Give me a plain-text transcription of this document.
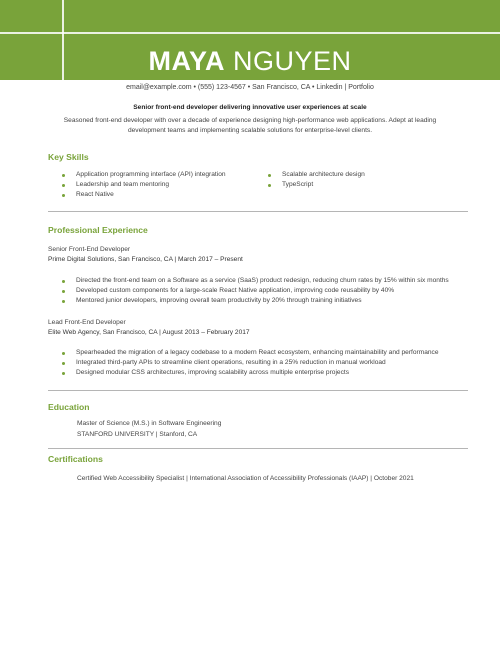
MAYA NGUYEN
email@example.com • (555) 123-4567 • San Francisco, CA • Linkedin | Portfolio
Senior front-end developer delivering innovative user experiences at scale
Seasoned front-end developer with over a decade of experience designing high-performance web applications. Adept at leading development teams and implementing scalable solutions for enterprise-level clients.
Key Skills
Application programming interface (API) integration
Leadership and team mentoring
React Native
Scalable architecture design
TypeScript
Professional Experience
Senior Front-End Developer
Prime Digital Solutions, San Francisco, CA | March 2017 – Present
Directed the front-end team on a Software as a service (SaaS) product redesign, reducing churn rates by 15% within six months
Developed custom components for a large-scale React Native application, improving code reusability by 40%
Mentored junior developers, improving overall team productivity by 20% through training initiatives
Lead Front-End Developer
Elite Web Agency, San Francisco, CA | August 2013 – February 2017
Spearheaded the migration of a legacy codebase to a modern React ecosystem, enhancing maintainability and performance
Integrated third-party APIs to streamline client operations, resulting in a 25% reduction in manual workload
Designed modular CSS architectures, improving scalability across multiple enterprise projects
Education
Master of Science (M.S.) in Software Engineering
STANFORD UNIVERSITY | Stanford, CA
Certifications
Certified Web Accessibility Specialist | International Association of Accessibility Professionals (IAAP) | October 2021
